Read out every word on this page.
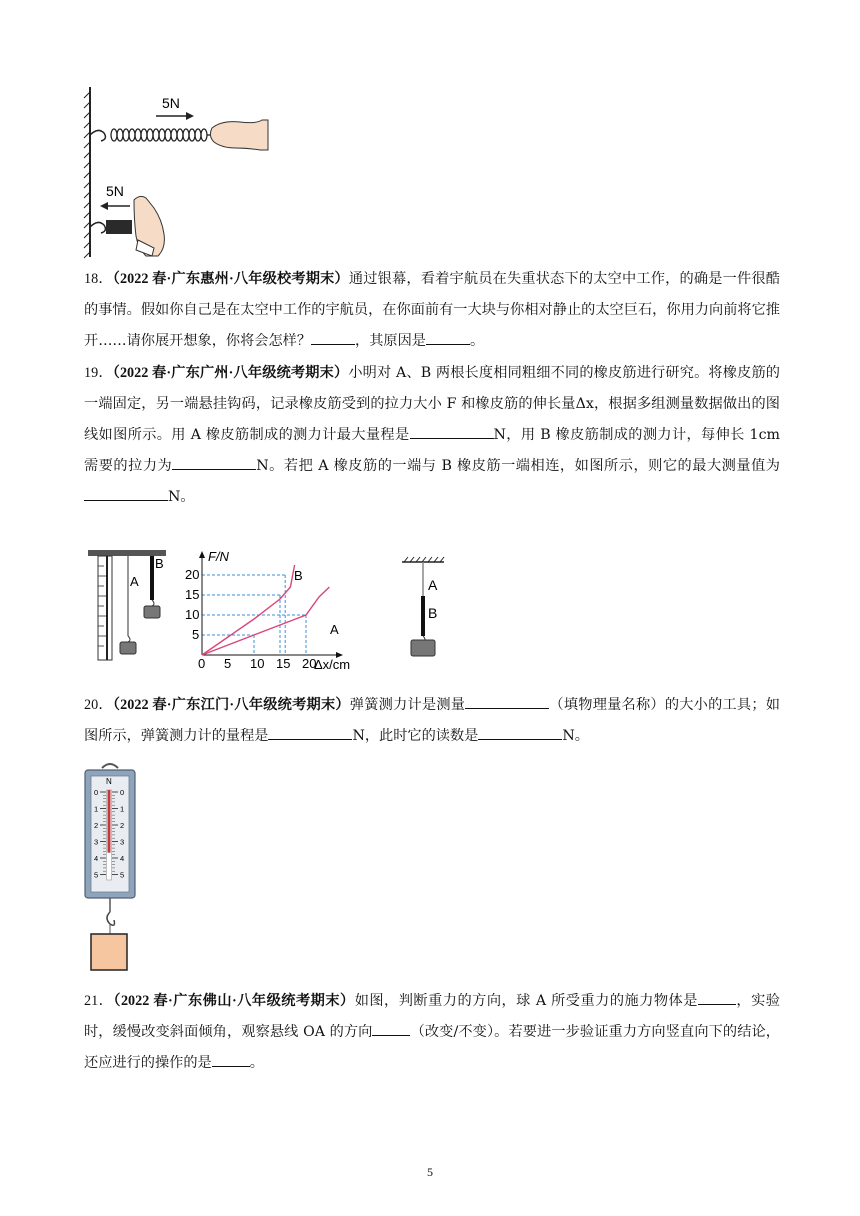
5N
5N
18．（2022 春·广东惠州·八年级校考期末）通过银幕，看着宇航员在失重状态下的太空中工作，的确是一件很酷的事情。假如你自己是在太空中工作的宇航员，在你面前有一大块与你相对静止的太空巨石，你用力向前将它推开……请你展开想象，你将会怎样？	，其原因是	。
19．（2022 春·广东广州·八年级统考期末）小明对 A、B 两根长度相同粗细不同的橡皮筋进行研究。将橡皮筋的一端固定，另一端悬挂钩码，记录橡皮筋受到的拉力大小 F 和橡皮筋的伸长量Δx，根据多组测量数据做出的图线如图所示。用 A 橡皮筋制成的测力计最大量程是	N，用 B 橡皮筋制成的测力计，每伸长 1cm 需要的拉力为	N。若把 A 橡皮筋的一端与 B 橡皮筋一端相连，如图所示，则它的最大测量值为N。
A
B
0 5 10 15 20
5
10
15
20
F/N
Δx/cm
B
A
A
B
20．（2022 春·广东江门·八年级统考期末）弹簧测力计是测量	（填物理量名称）的大小的工具；如图所示，弹簧测力计的量程是	N，此时它的读数是	N。
N
0	0
1	1
2	2
3	3
4	4
5	5
21．（2022 春·广东佛山·八年级统考期末）如图，判断重力的方向，球 A 所受重力的施力物体是	，实验时，缓慢改变斜面倾角，观察悬线 OA 的方向	（改变/不变）。若要进一步验证重力方向竖直向下的结论，还应进行的操作的是	。
5
